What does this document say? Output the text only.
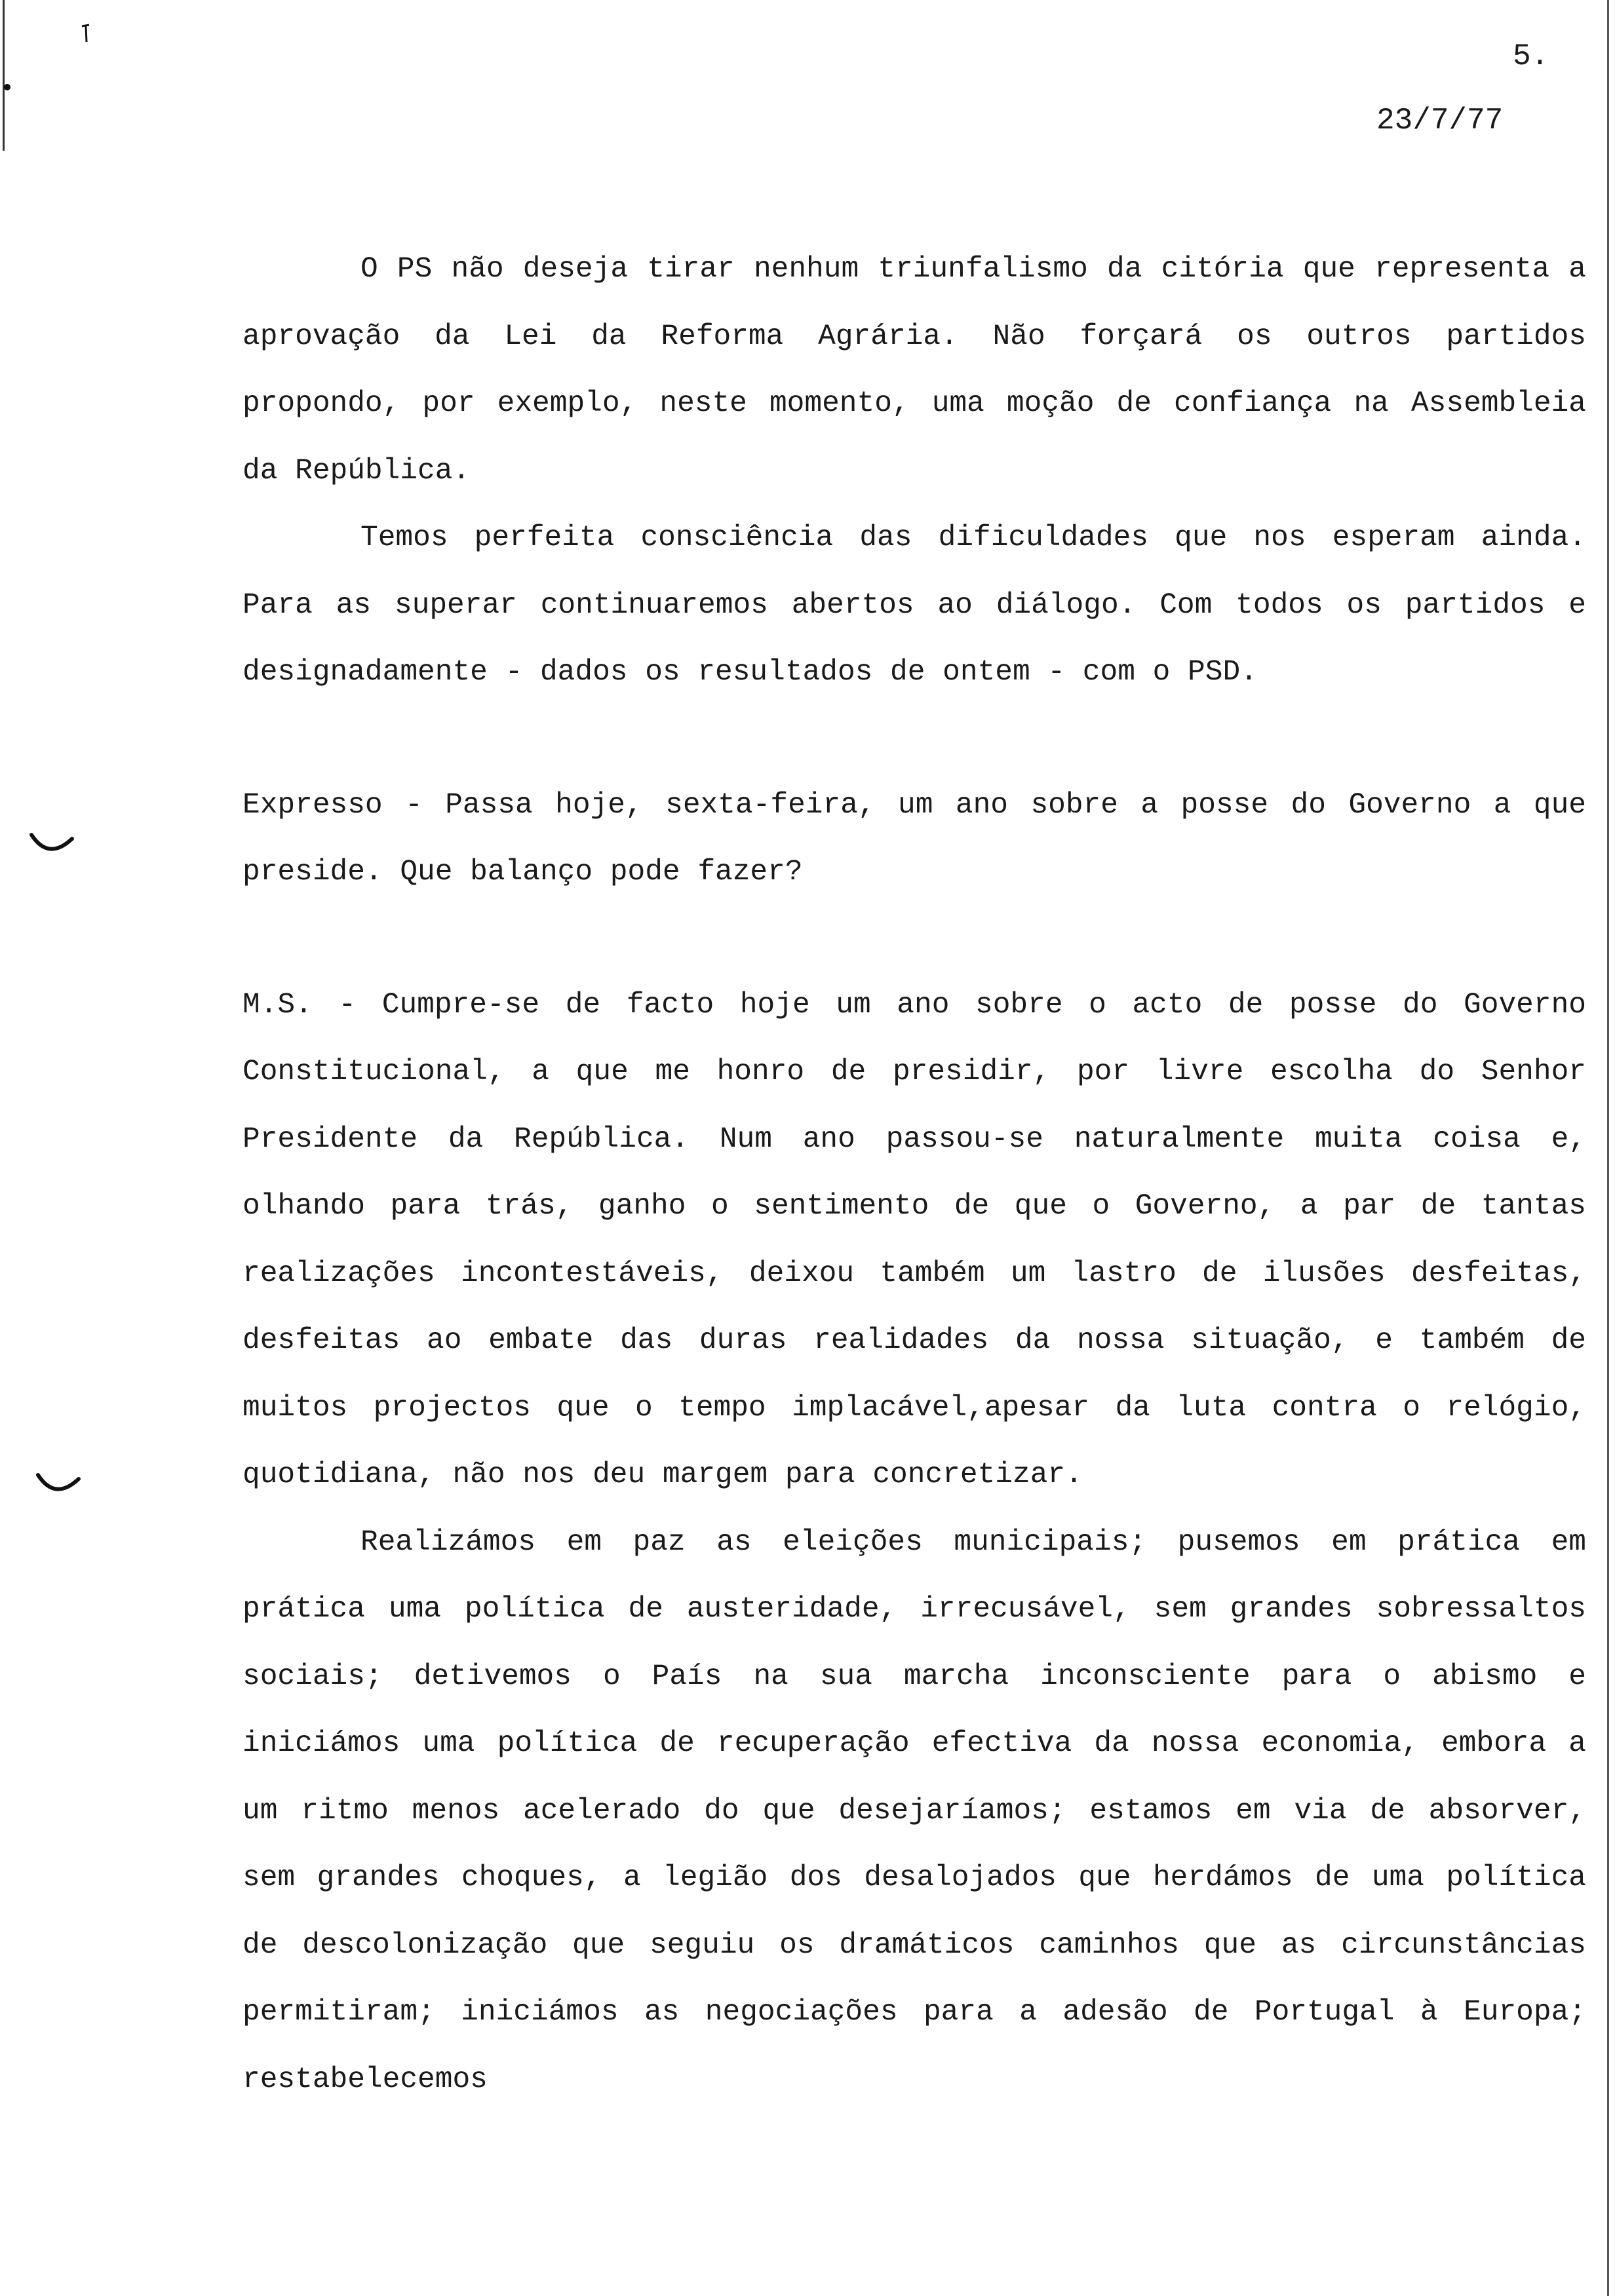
5.
23/7/77

O PS não deseja tirar nenhum triunfalismo da citória que representa a aprovação da Lei da Reforma Agrária. Não forçará os outros partidos propondo, por exemplo, neste momento, uma moção de confiança na Assembleia da República.

Temos perfeita consciência das dificuldades que nos esperam ainda. Para as superar continuaremos abertos ao diálogo. Com todos os partidos e designadamente - dados os resultados de ontem - com o PSD.

Expresso - Passa hoje, sexta-feira, um ano sobre a posse do Governo a que preside. Que balanço pode fazer?

M.S. - Cumpre-se de facto hoje um ano sobre o acto de posse do Governo Constitucional, a que me honro de presidir, por livre escolha do Senhor Presidente da República. Num ano passou-se naturalmente muita coisa e, olhando para trás, ganho o sentimento de que o Governo, a par de tantas realizações incontestáveis, deixou também um lastro de ilusões desfeitas, desfeitas ao embate das duras realidades da nossa situação, e também de muitos projectos que o tempo implacável,apesar da luta contra o relógio, quotidiana, não nos deu margem para concretizar.

Realizámos em paz as eleições municipais; pusemos em prática em prática uma política de austeridade, irrecusável, sem grandes sobressaltos sociais; detivemos o País na sua marcha inconsciente para o abismo e iniciámos uma política de recuperação efectiva da nossa economia, embora a um ritmo menos acelerado do que desejaríamos; estamos em via de absorver, sem grandes choques, a legião dos desalojados que herdámos de uma política de descolonização que seguiu os dramáticos caminhos que as circunstâncias permitiram; iniciámos as negociações para a adesão de Portugal à Europa; restabelecemos
